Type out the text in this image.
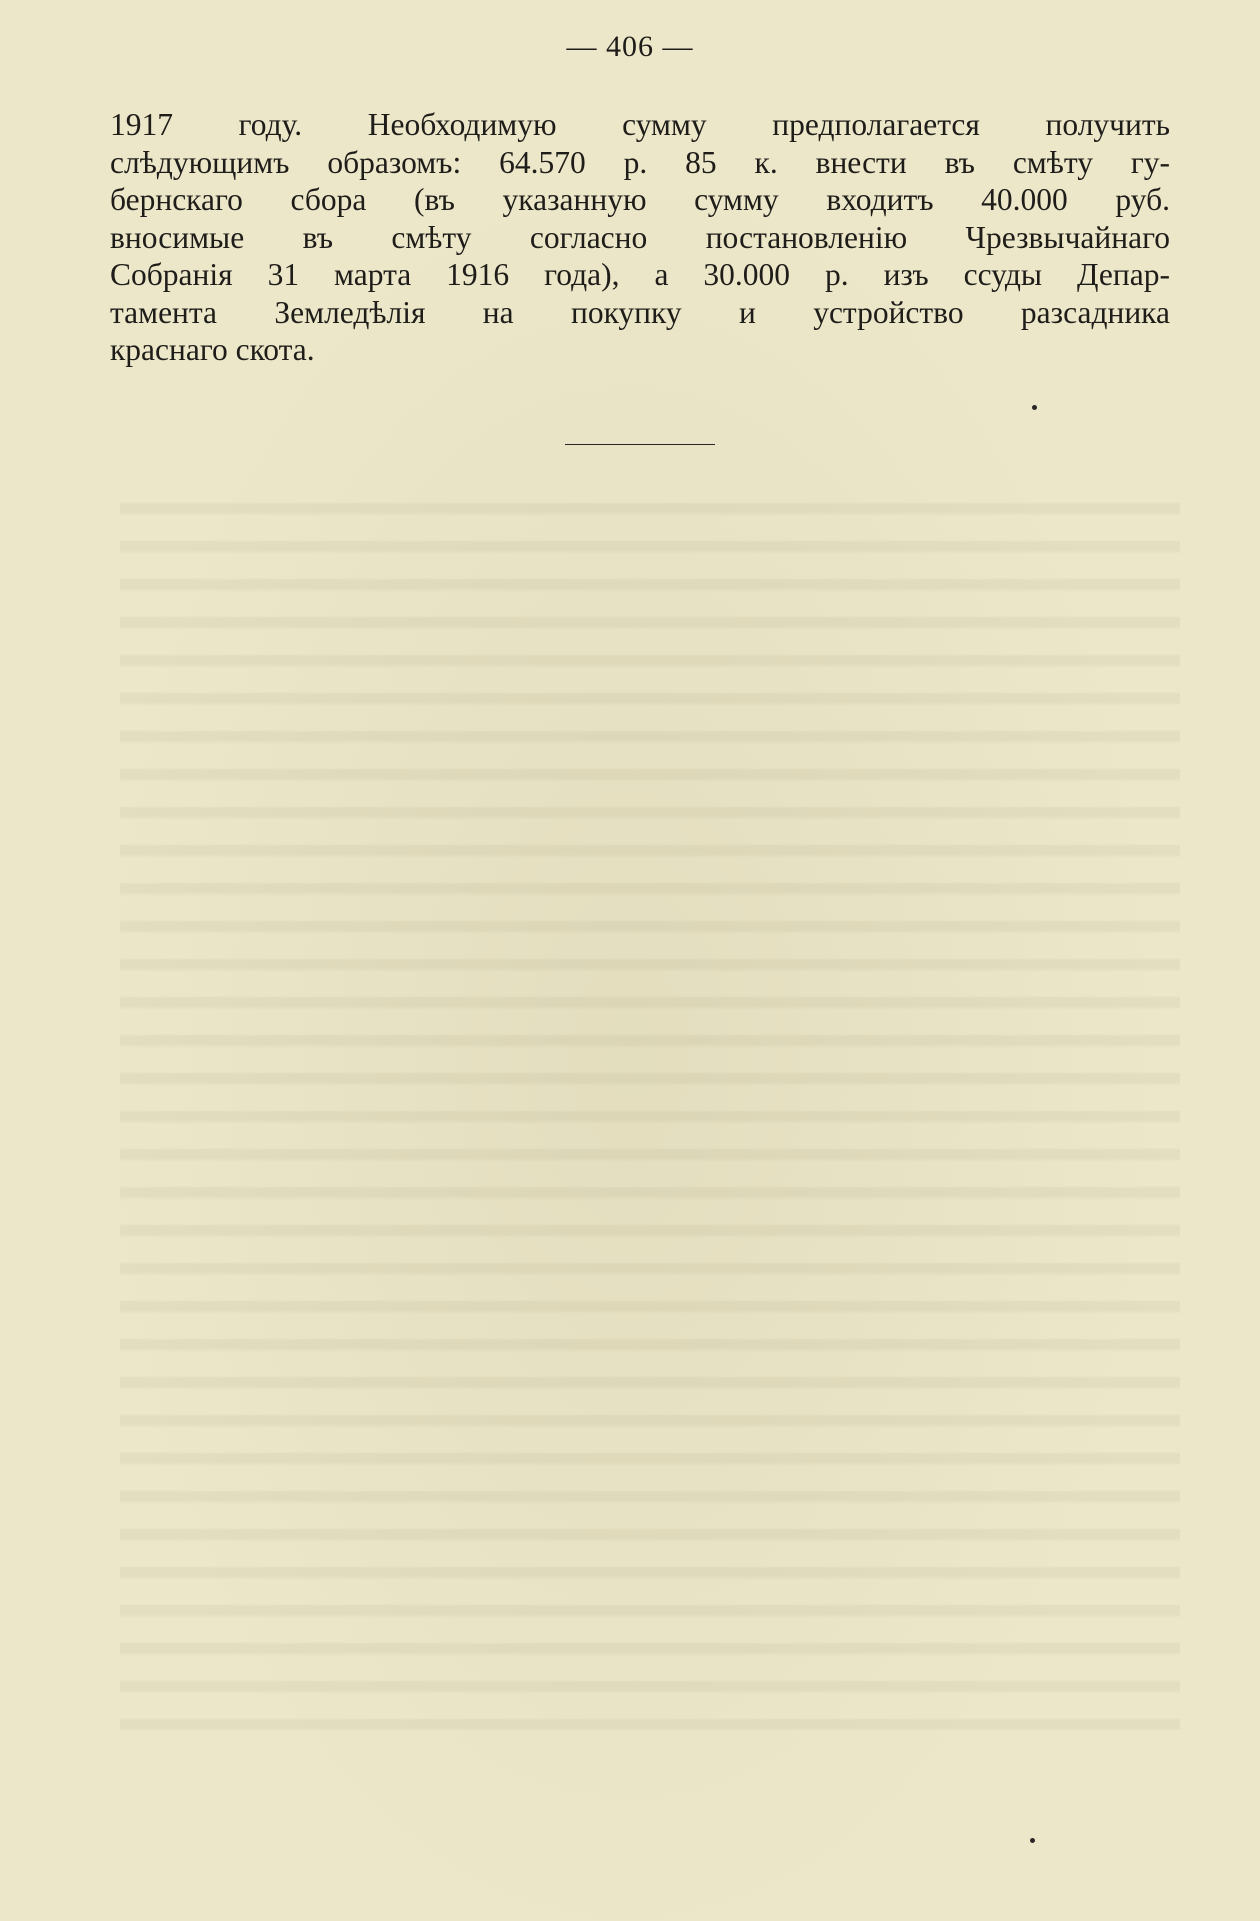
— 406 —
1917 году. Необходимую сумму предполагается получить
слѣдующимъ образомъ: 64.570 р. 85 к. внести въ смѣту гу-
бернскаго сбора (въ указанную сумму входитъ 40.000 руб.
вносимые въ смѣту согласно постановленію Чрезвычайнаго
Собранія 31 марта 1916 года), а 30.000 р. изъ ссуды Депар-
тамента Земледѣлія на покупку и устройство разсадника
краснаго скота.
